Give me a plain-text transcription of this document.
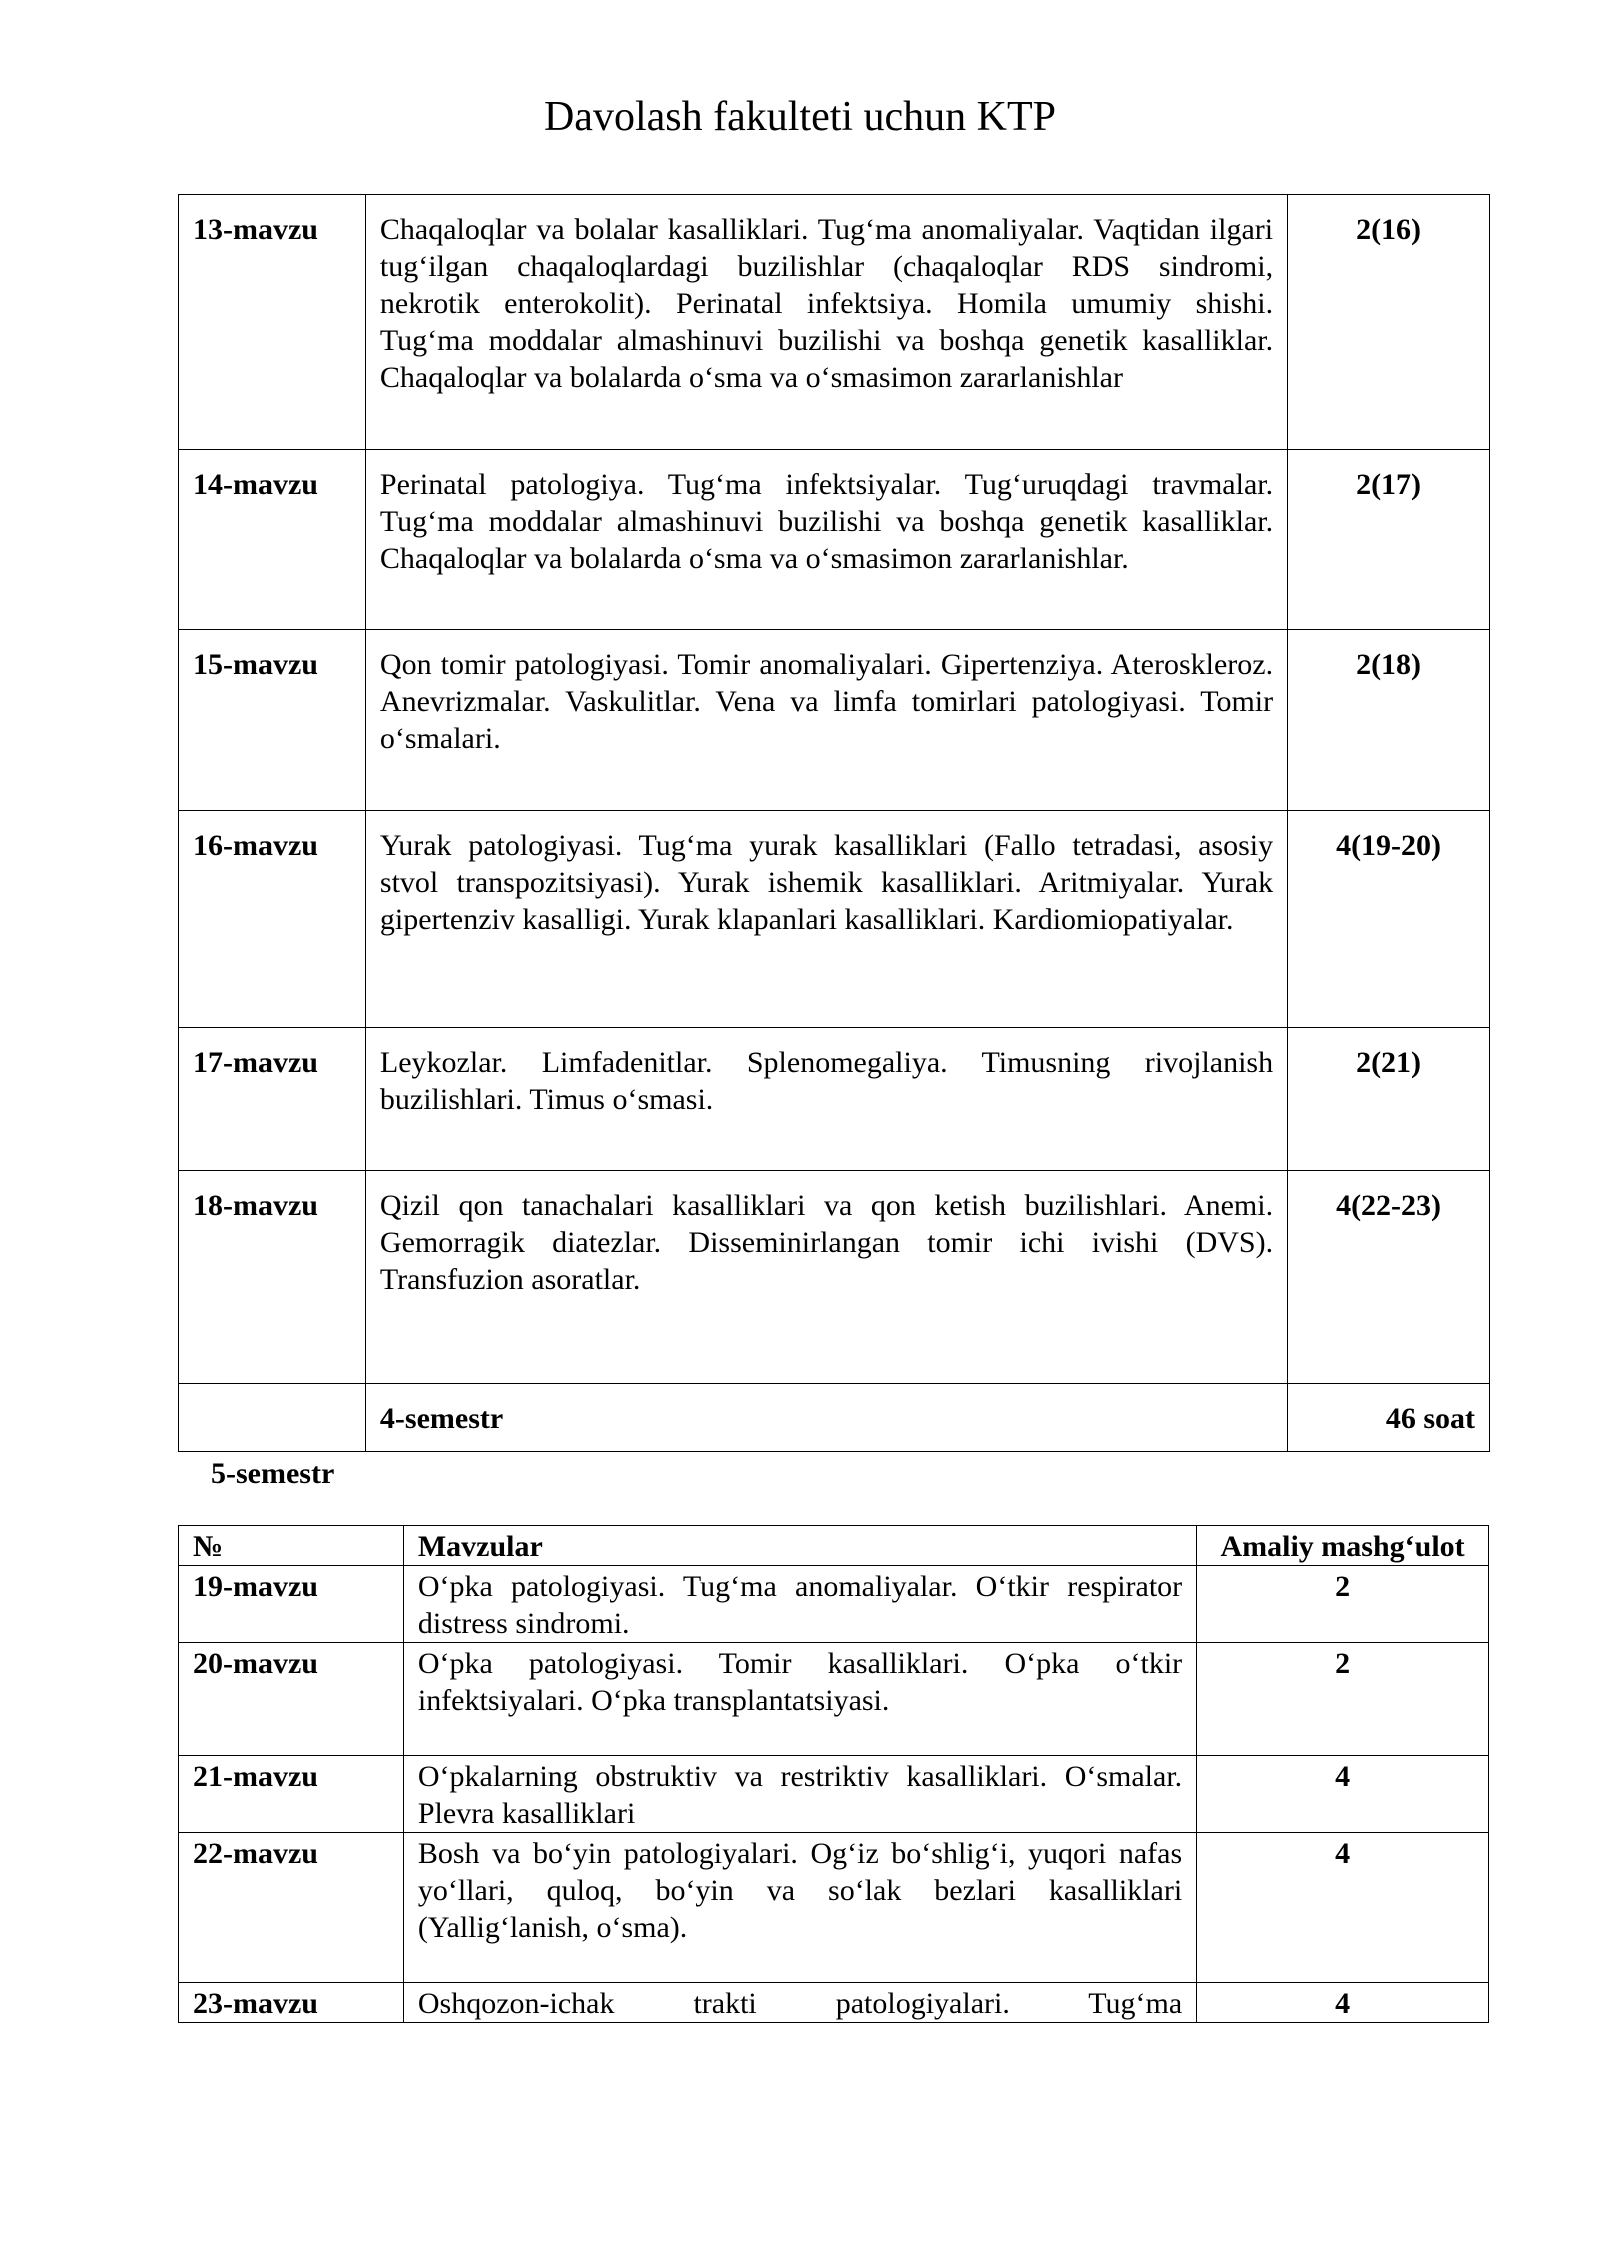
Davolash fakulteti uchun KTP
13-mavzu	Chaqaloqlar va bolalar kasalliklari. Tug‘ma anomaliyalar. Vaqtidan ilgari tug‘ilgan chaqaloqlardagi buzilishlar (chaqaloqlar RDS sindromi, nekrotik enterokolit). Perinatal infektsiya. Homila umumiy shishi. Tug‘ma moddalar almashinuvi buzilishi va boshqa genetik kasalliklar. Chaqaloqlar va bolalarda o‘sma va o‘smasimon zararlanishlar	2(16)
14-mavzu	Perinatal patologiya. Tug‘ma infektsiyalar. Tug‘uruqdagi travmalar. Tug‘ma moddalar almashinuvi buzilishi va boshqa genetik kasalliklar. Chaqaloqlar va bolalarda o‘sma va o‘smasimon zararlanishlar.	2(17)
15-mavzu	Qon tomir patologiyasi. Tomir anomaliyalari. Gipertenziya. Ateroskleroz. Anevrizmalar. Vaskulitlar. Vena va limfa tomirlari patologiyasi. Tomir o‘smalari.	2(18)
16-mavzu	Yurak patologiyasi. Tug‘ma yurak kasalliklari (Fallo tetradasi, asosiy stvol transpozitsiyasi). Yurak ishemik kasalliklari. Aritmiyalar. Yurak gipertenziv kasalligi. Yurak klapanlari kasalliklari. Kardiomiopatiyalar.	4(19-20)
17-mavzu	Leykozlar. Limfadenitlar. Splenomegaliya. Timusning rivojlanish buzilishlari. Timus o‘smasi.	2(21)
18-mavzu	Qizil qon tanachalari kasalliklari va qon ketish buzilishlari. Anemi. Gemorragik diatezlar. Disseminirlangan tomir ichi ivishi (DVS). Transfuzion asoratlar.	4(22-23)
	4-semestr	46 soat
5-semestr
№	Mavzular	Amaliy mashg‘ulot
19-mavzu	O‘pka patologiyasi. Tug‘ma anomaliyalar. O‘tkir respirator distress sindromi.	2
20-mavzu	O‘pka patologiyasi. Tomir kasalliklari. O‘pka o‘tkir infektsiyalari. O‘pka transplantatsiyasi.	2
21-mavzu	O‘pkalarning obstruktiv va restriktiv kasalliklari. O‘smalar. Plevra kasalliklari	4
22-mavzu	Bosh va bo‘yin patologiyalari. Og‘iz bo‘shlig‘i, yuqori nafas yo‘llari, quloq, bo‘yin va so‘lak bezlari kasalliklari (Yallig‘lanish, o‘sma).	4
23-mavzu	Oshqozon-ichak trakti patologiyalari. Tug‘ma	4
